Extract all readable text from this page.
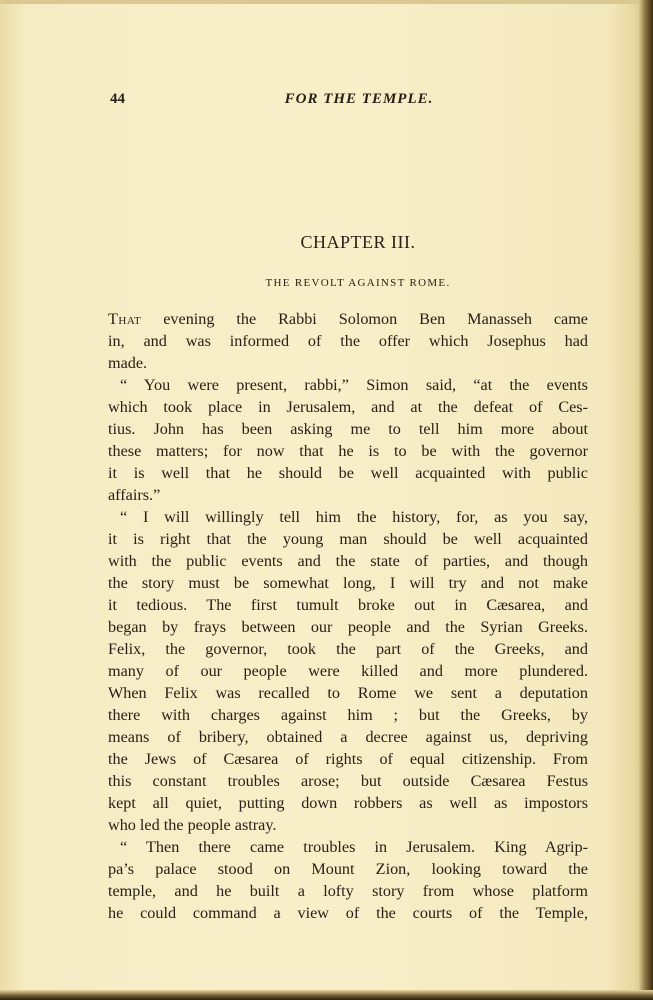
44	FOR THE TEMPLE.
CHAPTER III.
THE REVOLT AGAINST ROME.
That evening the Rabbi Solomon Ben Manasseh came
in, and was informed of the offer which Josephus had
made.
“ You were present, rabbi,” Simon said, “at the events
which took place in Jerusalem, and at the defeat of Ces-
tius. John has been asking me to tell him more about
these matters; for now that he is to be with the governor
it is well that he should be well acquainted with public
affairs.”
“ I will willingly tell him the history, for, as you say,
it is right that the young man should be well acquainted
with the public events and the state of parties, and though
the story must be somewhat long, I will try and not make
it tedious. The first tumult broke out in Cæsarea, and
began by frays between our people and the Syrian Greeks.
Felix, the governor, took the part of the Greeks, and
many of our people were killed and more plundered.
When Felix was recalled to Rome we sent a deputation
there with charges against him ; but the Greeks, by
means of bribery, obtained a decree against us, depriving
the Jews of Cæsarea of rights of equal citizenship. From
this constant troubles arose; but outside Cæsarea Festus
kept all quiet, putting down robbers as well as impostors
who led the people astray.
“ Then there came troubles in Jerusalem. King Agrip-
pa’s palace stood on Mount Zion, looking toward the
temple, and he built a lofty story from whose platform
he could command a view of the courts of the Temple,
